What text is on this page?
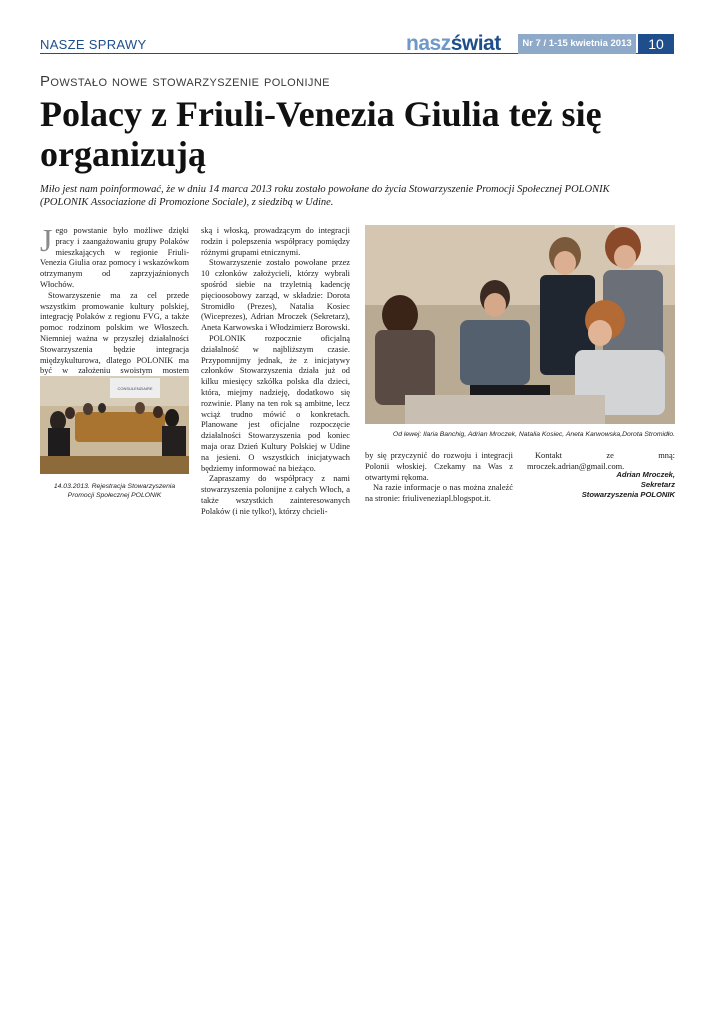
NASZE SPRAWY	naszświat	Nr 7 / 1-15 kwietnia 2013	10
Powstało nowe stowarzyszenie polonijne
Polacy z Friuli-Venezia Giulia też się organizują
Miło jest nam poinformować, że w dniu 14 marca 2013 roku zostało powołane do życia Stowarzyszenie Promocji Społecznej POLONIK (POLONIK Associazione di Promozione Sociale), z siedzibą w Udine.

Jego powstanie było możliwe dzięki pracy i zaangażowaniu grupy Polaków mieszkających w regionie Friuli-Venezia Giulia oraz pomocy i wskazówkom otrzymanym od zaprzyjaźnionych Włochów.

Stowarzyszenie ma za cel przede wszystkim promowanie kultury polskiej, integrację Polaków z regionu FVG, a także pomoc rodzinom polskim we Włoszech. Niemniej ważna w przyszłej działalności Stowarzyszenia będzie integracja międzykulturowa, dlatego POLONIK ma być w założeniu swoistym mostem

CONSULENZIAIRE
14.03.2013. Rejestracja Stowarzyszenia
Promocji Społecznej POLONIK

ską i włoską, prowadzącym do integracji rodzin i polepszenia współpracy pomiędzy różnymi grupami etnicznymi.

Stowarzyszenie zostało powołane przez 10 członków założycieli, którzy wybrali spośród siebie na trzyletnią kadencję pięcioosobowy zarząd, w składzie: Dorota Stromidło (Prezes), Natalia Kosiec (Wiceprezes), Adrian Mroczek (Sekretarz), Aneta Karwowska i Włodzimierz Borowski.

POLONIK rozpocznie oficjalną działalność w najbliższym czasie. Przypomnijmy jednak, że z inicjatywy członków Stowarzyszenia działa już od kilku miesięcy szkółka polska dla dzieci, która, miejmy nadzieję, dodatkowo się rozwinie. Plany na ten rok są ambitne, lecz wciąż trudno mówić o konkretach. Planowane jest oficjalne rozpoczęcie działalności Stowarzyszenia pod koniec maja oraz Dzień Kultury Polskiej w Udine na jesieni. O wszystkich inicjatywach będziemy informować na bieżąco.

Zapraszamy do współpracy z nami stowarzyszenia polonijne z całych Włoch, a także wszystkich zainteresowanych Polaków (i nie tylko!), którzy chcieli-

Od lewej: Ilaria Banchig, Adrian Mroczek, Natalia Kosiec, Aneta Karwowska,Dorota Stromidło.

by się przyczynić do rozwoju i integracji Polonii włoskiej. Czekamy na Was z otwartymi rękoma.

Na razie informacje o nas można znaleźć na stronie: friuliveneziapl.blogspot.it.

Kontakt ze mną: mroczek.adrian@gmail.com.

Adrian Mroczek,
Sekretarz
Stowarzyszenia POLONIK
